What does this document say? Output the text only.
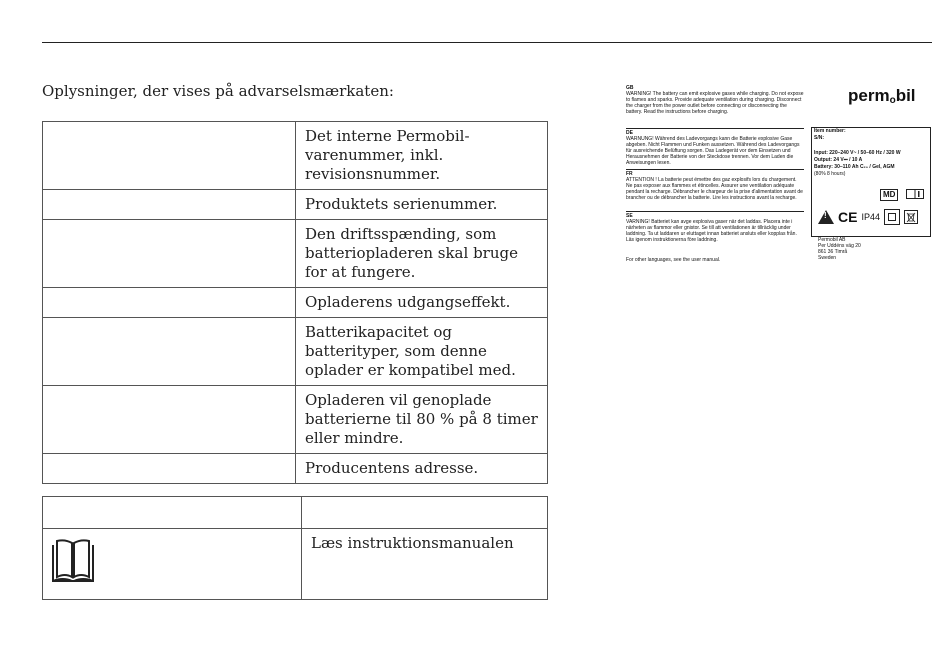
Oplysninger, der vises på advarselsmærkaten:
	Det interne Permobil-varenummer, inkl. revisionsnummer.
	Produktets serienummer.
	Den driftsspænding, som batteriopladeren skal bruge for at fungere.
	Opladerens udgangseffekt.
	Batterikapacitet og batterityper, som denne oplader er kompatibel med.
	Opladeren vil genoplade batterierne til 80 % på 8 timer eller mindre.
	Producentens adresse.

	Læs instruktionsmanualen
GB
WARNING! The battery can emit explosive gases while charging. Do not expose to flames and sparks. Provide adequate ventilation during charging. Disconnect the charger from the power outlet before connecting or disconnecting the battery. Read the instructions before charging.
DE
WARNUNG! Während des Ladevorgangs kann die Batterie explosive Gase abgeben. Nicht Flammen und Funken aussetzen. Während des Ladevorgangs für ausreichende Belüftung sorgen. Das Ladegerät vor dem Einsetzen und Herausnehmen der Batterie von der Steckdose trennen. Vor dem Laden die Anweisungen lesen.
FR
ATTENTION ! La batterie peut émettre des gaz explosifs lors du chargement. Ne pas exposer aux flammes et étincelles. Assurer une ventilation adéquate pendant la recharge. Débrancher le chargeur de la prise d'alimentation avant de brancher ou de débrancher la batterie. Lire les instructions avant la recharge.
SE
VARNING! Batteriet kan avge explosiva gaser när det laddas. Placera inte i närheten av flammor eller gnistor. Se till att ventilationen är tillräcklig under laddning. Ta ut laddaren ur eluttaget innan batteriet ansluts eller kopplas från. Läs igenom instruktionerna före laddning.
For other languages, see the user manual.
perm$_o$bil
Item number:
S/N:
Input: 220–240 V~ / 50–60 Hz / 320 W
Output: 24 V⎓ / 10 A
Battery: 30–110 Ah C₂₀ / Gel, AGM
(80% 8 hours)
MD
!
CE IP44
Permobil AB
Per Uddéns väg 20
861 36 Timrå
Sweden
